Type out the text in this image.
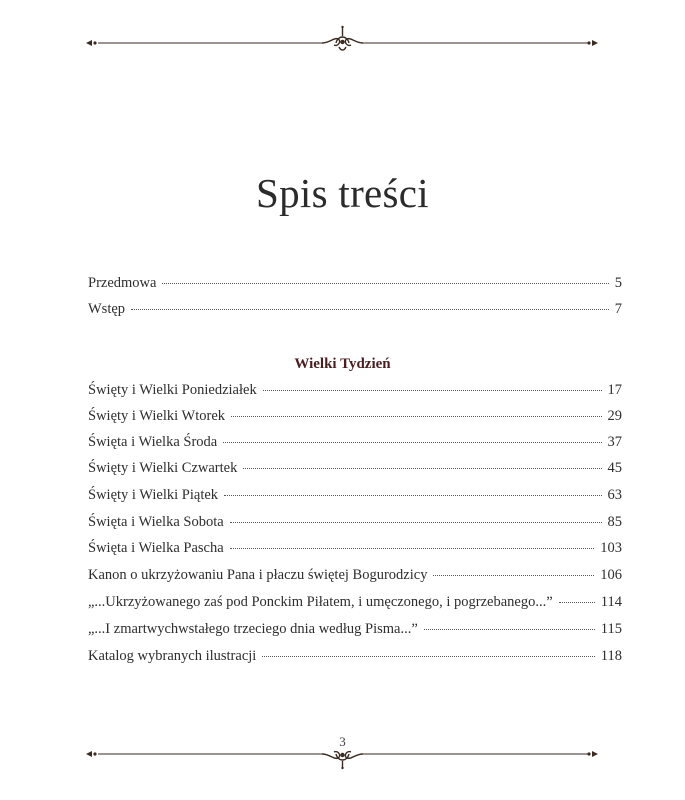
Spis treści
Przedmowa	5
Wstęp	7
Wielki Tydzień
Święty i Wielki Poniedziałek	17
Święty i Wielki Wtorek	29
Święta i Wielka Środa	37
Święty i Wielki Czwartek	45
Święty i Wielki Piątek	63
Święta i Wielka Sobota	85
Święta i Wielka Pascha	103
Kanon o ukrzyżowaniu Pana i płaczu świętej Bogurodzicy	106
„...Ukrzyżowanego zaś pod Ponckim Piłatem, i umęczonego, i pogrzebanego...”	114
„...I zmartwychwstałego trzeciego dnia według Pisma...”	115
Katalog wybranych ilustracji	118
3
